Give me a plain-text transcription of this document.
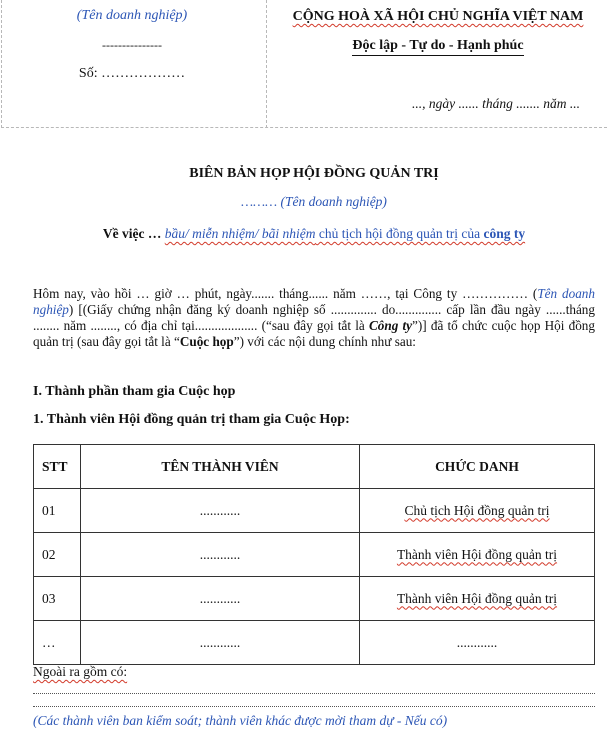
(Tên doanh nghiệp)
---------------
Số: ………………
CỘNG HOÀ XÃ HỘI CHỦ NGHĨA VIỆT NAM
Độc lập - Tự do - Hạnh phúc
..., ngày ...... tháng ....... năm ...
BIÊN BẢN HỌP HỘI ĐỒNG QUẢN TRỊ
……… (Tên doanh nghiệp)
Về việc … bầu/ miễn nhiệm/ bãi nhiệm chủ tịch hội đồng quản trị của công ty
Hôm nay, vào hồi … giờ … phút, ngày....... tháng...... năm ……, tại Công ty …………… (Tên doanh nghiệp) [(Giấy chứng nhận đăng ký doanh nghiệp số .............. do.............. cấp lần đầu ngày ......tháng ........ năm ........, có địa chỉ tại................... (“sau đây gọi tắt là Công ty”)] đã tổ chức cuộc họp Hội đồng quản trị (sau đây gọi tắt là “Cuộc họp”) với các nội dung chính như sau:
I. Thành phần tham gia Cuộc họp
1. Thành viên Hội đồng quản trị tham gia Cuộc Họp:
STT	TÊN THÀNH VIÊN	CHỨC DANH
01	............	Chủ tịch Hội đồng quản trị
02	............	Thành viên Hội đồng quản trị
03	............	Thành viên Hội đồng quản trị
…	............	............
Ngoài ra gồm có:
(Các thành viên ban kiểm soát; thành viên khác được mời tham dự - Nếu có)
